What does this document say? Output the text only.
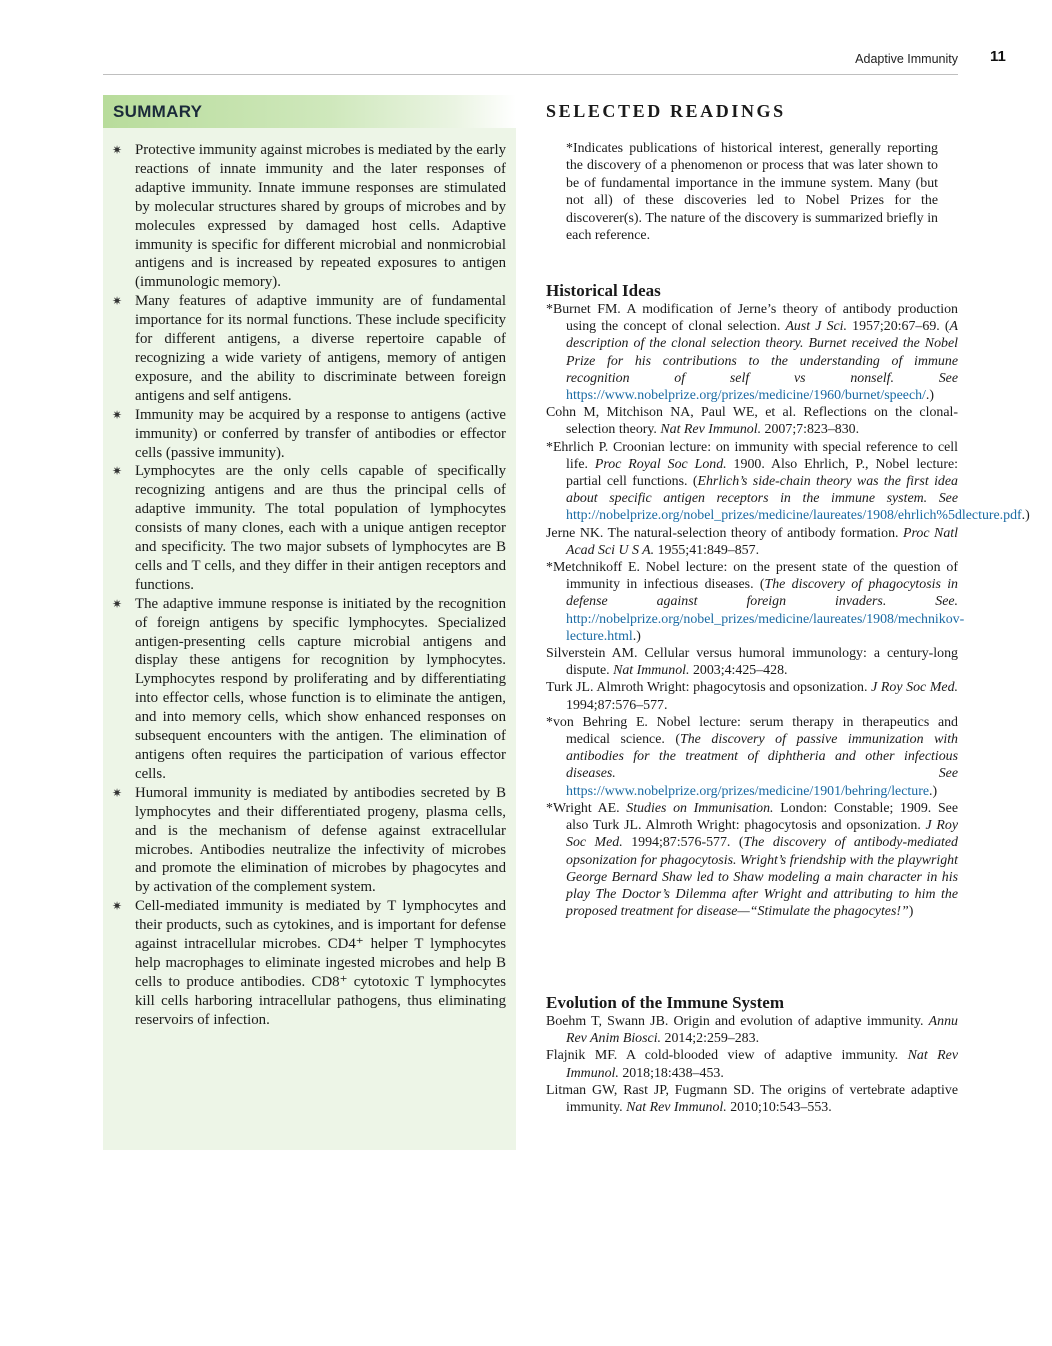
Adaptive Immunity 11
SUMMARY
✷ Protective immunity against microbes is mediated by the early reactions of innate immunity and the later responses of adaptive immunity. Innate immune responses are stimulated by molecular structures shared by groups of microbes and by molecules expressed by damaged host cells. Adaptive immunity is specific for different microbial and nonmicrobial antigens and is increased by repeated exposures to antigen (immunologic memory).
✷ Many features of adaptive immunity are of fundamental importance for its normal functions. These include specificity for different antigens, a diverse repertoire capable of recognizing a wide variety of antigens, memory of antigen exposure, and the ability to discriminate between foreign antigens and self antigens.
✷ Immunity may be acquired by a response to antigens (active immunity) or conferred by transfer of antibodies or effector cells (passive immunity).
✷ Lymphocytes are the only cells capable of specifically recognizing antigens and are thus the principal cells of adaptive immunity. The total population of lymphocytes consists of many clones, each with a unique antigen receptor and specificity. The two major subsets of lymphocytes are B cells and T cells, and they differ in their antigen receptors and functions.
✷ The adaptive immune response is initiated by the recognition of foreign antigens by specific lymphocytes. Specialized antigen-presenting cells capture microbial antigens and display these antigens for recognition by lymphocytes. Lymphocytes respond by proliferating and by differentiating into effector cells, whose function is to eliminate the antigen, and into memory cells, which show enhanced responses on subsequent encounters with the antigen. The elimination of antigens often requires the participation of various effector cells.
✷ Humoral immunity is mediated by antibodies secreted by B lymphocytes and their differentiated progeny, plasma cells, and is the mechanism of defense against extracellular microbes. Antibodies neutralize the infectivity of microbes and promote the elimination of microbes by phagocytes and by activation of the complement system.
✷ Cell-mediated immunity is mediated by T lymphocytes and their products, such as cytokines, and is important for defense against intracellular microbes. CD4⁺ helper T lymphocytes help macrophages to eliminate ingested microbes and help B cells to produce antibodies. CD8⁺ cytotoxic T lymphocytes kill cells harboring intracellular pathogens, thus eliminating reservoirs of infection.
SELECTED READINGS
*Indicates publications of historical interest, generally reporting the discovery of a phenomenon or process that was later shown to be of fundamental importance in the immune system. Many (but not all) of these discoveries led to Nobel Prizes for the discoverer(s). The nature of the discovery is summarized briefly in each reference.
Historical Ideas
*Burnet FM. A modification of Jerne’s theory of antibody production using the concept of clonal selection. Aust J Sci. 1957;20:67–69. (A description of the clonal selection theory. Burnet received the Nobel Prize for his contributions to the understanding of immune recognition of self vs nonself. See https://www.nobelprize.org/prizes/medicine/1960/burnet/speech/.)
Cohn M, Mitchison NA, Paul WE, et al. Reflections on the clonal-selection theory. Nat Rev Immunol. 2007;7:823–830.
*Ehrlich P. Croonian lecture: on immunity with special reference to cell life. Proc Royal Soc Lond. 1900. Also Ehrlich, P., Nobel lecture: partial cell functions. (Ehrlich’s side-chain theory was the first idea about specific antigen receptors in the immune system. See http://nobelprize.org/nobel_prizes/medicine/laureates/1908/ehrlich%5dlecture.pdf.)
Jerne NK. The natural-selection theory of antibody formation. Proc Natl Acad Sci U S A. 1955;41:849–857.
*Metchnikoff E. Nobel lecture: on the present state of the question of immunity in infectious diseases. (The discovery of phagocytosis in defense against foreign invaders. See. http://nobelprize.org/nobel_prizes/medicine/laureates/1908/mechnikov-lecture.html.)
Silverstein AM. Cellular versus humoral immunology: a century-long dispute. Nat Immunol. 2003;4:425–428.
Turk JL. Almroth Wright: phagocytosis and opsonization. J Roy Soc Med. 1994;87:576–577.
*von Behring E. Nobel lecture: serum therapy in therapeutics and medical science. (The discovery of passive immunization with antibodies for the treatment of diphtheria and other infectious diseases. See https://www.nobelprize.org/prizes/medicine/1901/behring/lecture.)
*Wright AE. Studies on Immunisation. London: Constable; 1909. See also Turk JL. Almroth Wright: phagocytosis and opsonization. J Roy Soc Med. 1994;87:576-577. (The discovery of antibody-mediated opsonization for phagocytosis. Wright’s friendship with the playwright George Bernard Shaw led to Shaw modeling a main character in his play The Doctor’s Dilemma after Wright and attributing to him the proposed treatment for disease—“Stimulate the phagocytes!”)
Evolution of the Immune System
Boehm T, Swann JB. Origin and evolution of adaptive immunity. Annu Rev Anim Biosci. 2014;2:259–283.
Flajnik MF. A cold-blooded view of adaptive immunity. Nat Rev Immunol. 2018;18:438–453.
Litman GW, Rast JP, Fugmann SD. The origins of vertebrate adaptive immunity. Nat Rev Immunol. 2010;10:543–553.
